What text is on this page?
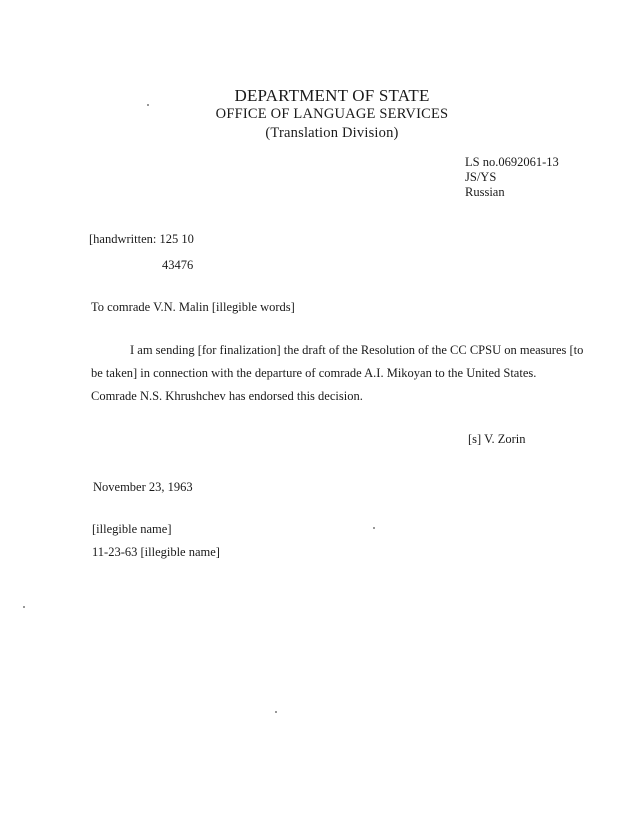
DEPARTMENT OF STATE
OFFICE OF LANGUAGE SERVICES
(Translation Division)
LS no.0692061-13
JS/YS
Russian
[handwritten: 125 10
43476
To comrade V.N. Malin [illegible words]
I am sending [for finalization] the draft of the Resolution of the CC CPSU on measures [to
be taken] in connection with the departure of comrade A.I. Mikoyan to the United States.
Comrade N.S. Khrushchev has endorsed this decision.
[s] V. Zorin
November 23, 1963
[illegible name]
11-23-63 [illegible name]
